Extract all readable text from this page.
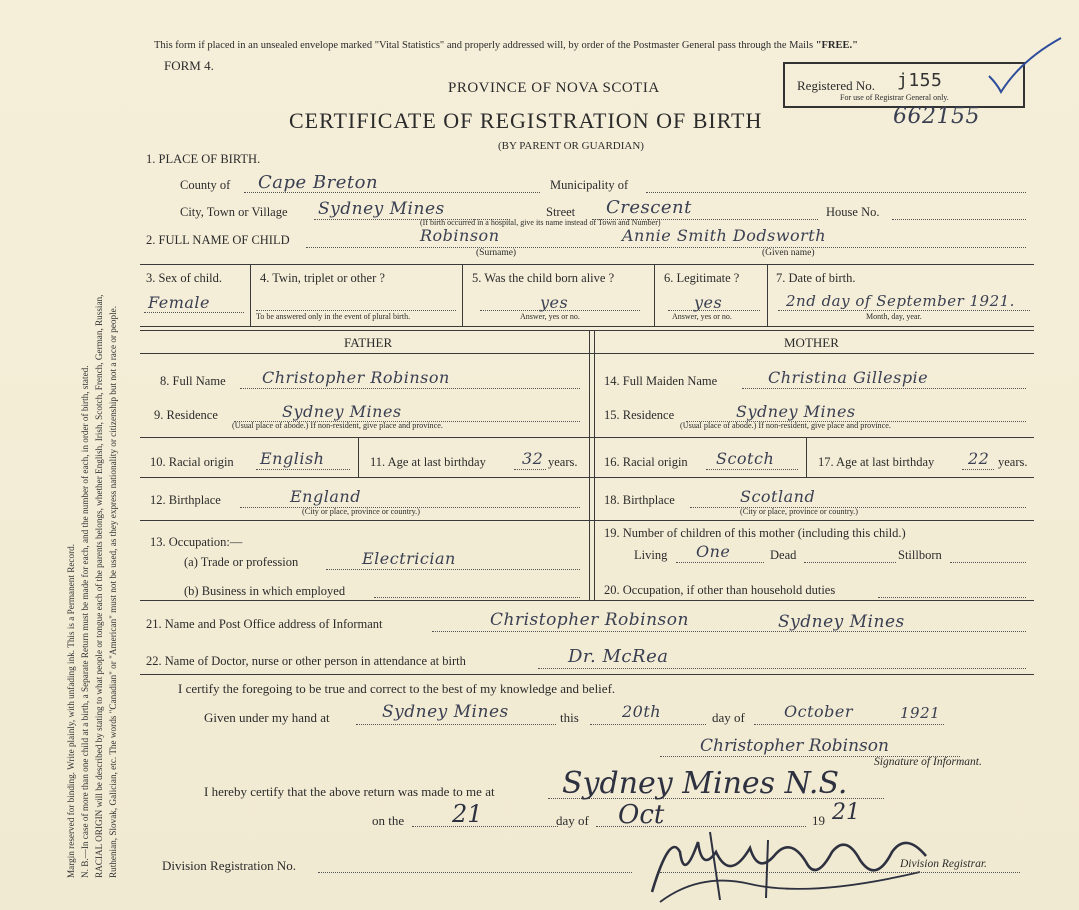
Margin reserved for binding. Write plainly, with unfading ink. This is a Permanent Record. N. B.—In case of more than one child at a birth, a Separate Return must be made for each, and the number of each, in order of birth, stated. RACIAL ORIGIN will be described by stating to what people or tongue each of the parents belongs, whether English, Irish, Scotch, French, German, Russian, Ruthenian, Slovak, Galician, etc. The words "Canadian" or "American" must not be used, as they express nationality or citizenship but not a race or people.
This form if placed in an unsealed envelope marked "Vital Statistics" and properly addressed will, by order of the Postmaster General pass through the Mails "FREE."
FORM 4.
PROVINCE OF NOVA SCOTIA	Registered No. j155
For use of Registrar General only.
CERTIFICATE OF REGISTRATION OF BIRTH	662155
(BY PARENT OR GUARDIAN)
1. PLACE OF BIRTH.
County of Cape Breton	Municipality of
City, Town or Village Sydney Mines	Street Crescent	House No.
(If birth occurred in a hospital, give its name instead of Town and Number)
2. FULL NAME OF CHILD	Robinson
(Surname)
Annie Smith Dodsworth
(Given name)
3. Sex of child.
Female
4. Twin, triplet or other ?
To be answered only in the event of plural birth.
5. Was the child born alive ?
yes
Answer, yes or no.
6. Legitimate ?
yes
Answer, yes or no.
7. Date of birth.
2nd day of September 1921.
Month, day, year.
FATHER	MOTHER
8. Full Name Christopher Robinson
9. Residence	Sydney Mines
(Usual place of abode.) If non-resident, give place and province.
10. Racial origin English	11. Age at last birthday 32 years.
12. Birthplace	England
(City or place, province or country.)
13. Occupation:—
(a) Trade or profession	Electrician
(b) Business in which employed
14. Full Maiden Name	Christina Gillespie
15. Residence	Sydney Mines
(Usual place of abode.) If non-resident, give place and province.
16. Racial origin Scotch	17. Age at last birthday 22 years.
18. Birthplace	Scotland
(City or place, province or country.)
19. Number of children of this mother (including this child.)
Living One	Dead	Stillborn
20. Occupation, if other than household duties
21. Name and Post Office address of Informant	Christopher Robinson	Sydney Mines
22. Name of Doctor, nurse or other person in attendance at birth	Dr. McRea
I certify the foregoing to be true and correct to the best of my knowledge and belief.
Given under my hand at	Sydney Mines	this	20th	day of October	1921
Christopher Robinson
Signature of Informant.
I hereby certify that the above return was made to me at Sydney Mines N.S.
on the 21	day of Oct	19 21
Division Registration No.	Division Registrar.
